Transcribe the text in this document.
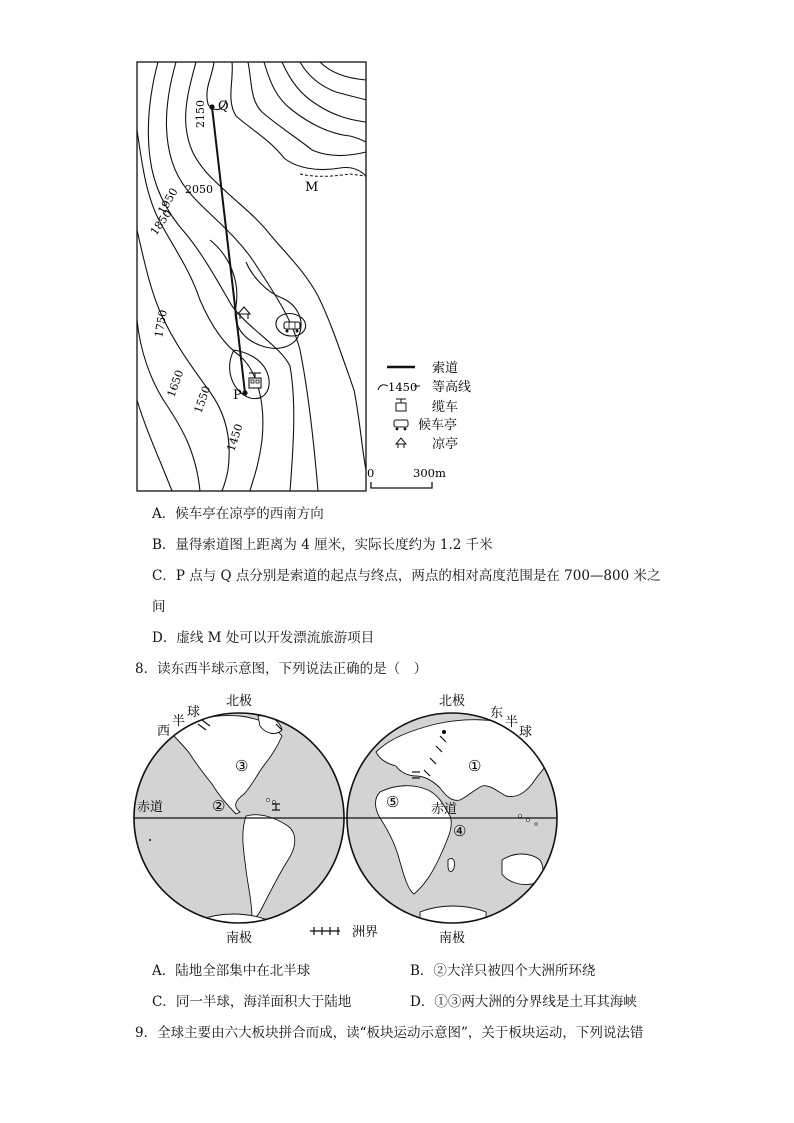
Q
P
M
2150
2050
1950
1850
1750
1650
1550
1450
索道
1450 等高线
缆车
候车亭
凉亭
0	300m
A．候车亭在凉亭的西南方向
B．量得索道图上距离为 4 厘米，实际长度约为 1.2 千米
C．P 点与 Q 点分别是索道的起点与终点，两点的相对高度范围是在 700—800 米之
间
D．虚线 M 处可以开发漂流旅游项目
8．读东西半球示意图，下列说法正确的是（　）
北极
南极
西
半
球
赤道
③
②
北极
南极
东
半
球
赤道
①
⑤
④
洲界
A．陆地全部集中在北半球	B．②大洋只被四个大洲所环绕
C．同一半球，海洋面积大于陆地	D．①③两大洲的分界线是土耳其海峡
9．全球主要由六大板块拼合而成，读“板块运动示意图”，关于板块运动，下列说法错
